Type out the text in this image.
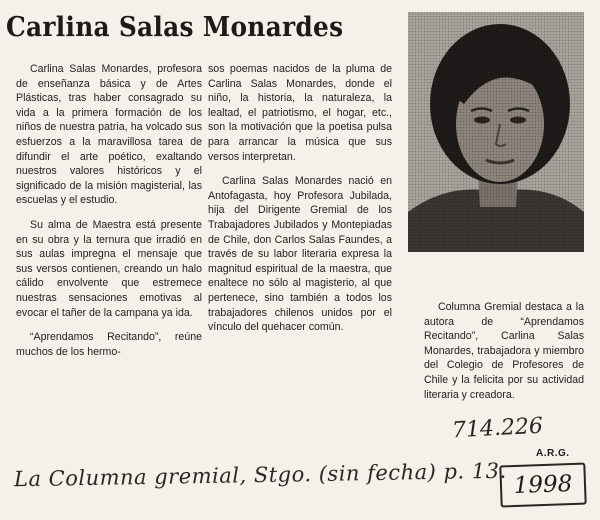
Carlina Salas Monardes

Carlina Salas Monardes, profesora de enseñanza básica y de Artes Plásticas, tras haber consagrado su vida a la primera formación de los niños de nuestra patria, ha volcado sus esfuerzos a la maravillosa tarea de difundir el arte poético, exaltando nuestros valores históricos y el significado de la misión magisterial, las escuelas y el estudio.

Su alma de Maestra está presente en su obra y la ternura que irradió en sus aulas impregna el mensaje que sus versos contienen, creando un halo cálido envolvente que estremece nuestras sensaciones emotivas al evocar el tañer de la campana ya ida.

“Aprendamos Recitando”, reúne muchos de los hermo-

sos poemas nacidos de la pluma de Carlina Salas Monardes, donde el niño, la historia, la naturaleza, la lealtad, el patriotismo, el hogar, etc., son la motivación que la poetisa pulsa para arrancar la música que sus versos interpretan.

Carlina Salas Monardes nació en Antofagasta, hoy Profesora Jubilada, hija del Dirigente Gremial de los Trabajadores Jubilados y Montepiadas de Chile, don Carlos Salas Faundes, a través de su labor literaria expresa la magnitud espiritual de la maestra, que enaltece no sólo al magisterio, al que pertenece, sino también a todos los trabajadores chilenos unidos por el vínculo del quehacer común.

Columna Gremial destaca a la autora de “Aprendamos Recitando”, Carlina Salas Monardes, trabajadora y miembro del Colegio de Profesores de Chile y la felicita por su actividad literaria y creadora.

714.226
A.R.G.
La Columna gremial, Stgo. (sin fecha) p. 13. 1998
